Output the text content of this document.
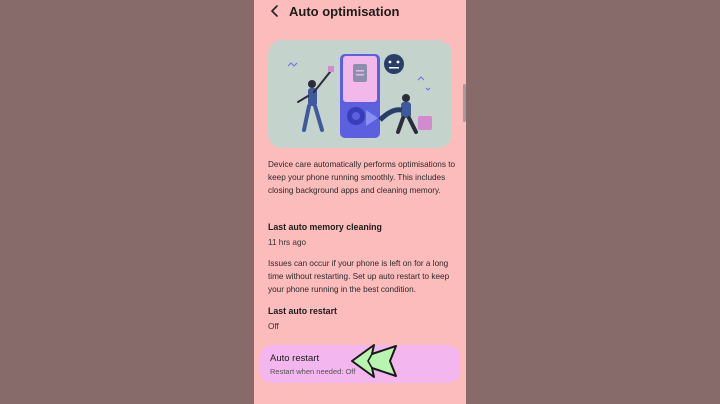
Auto optimisation
Device care automatically performs optimisations to keep your phone running smoothly. This includes closing background apps and cleaning memory.
Last auto memory cleaning
11 hrs ago
Issues can occur if your phone is left on for a long time without restarting. Set up auto restart to keep your phone running in the best condition.
Last auto restart
Off
Auto restart
Restart when needed: Off
